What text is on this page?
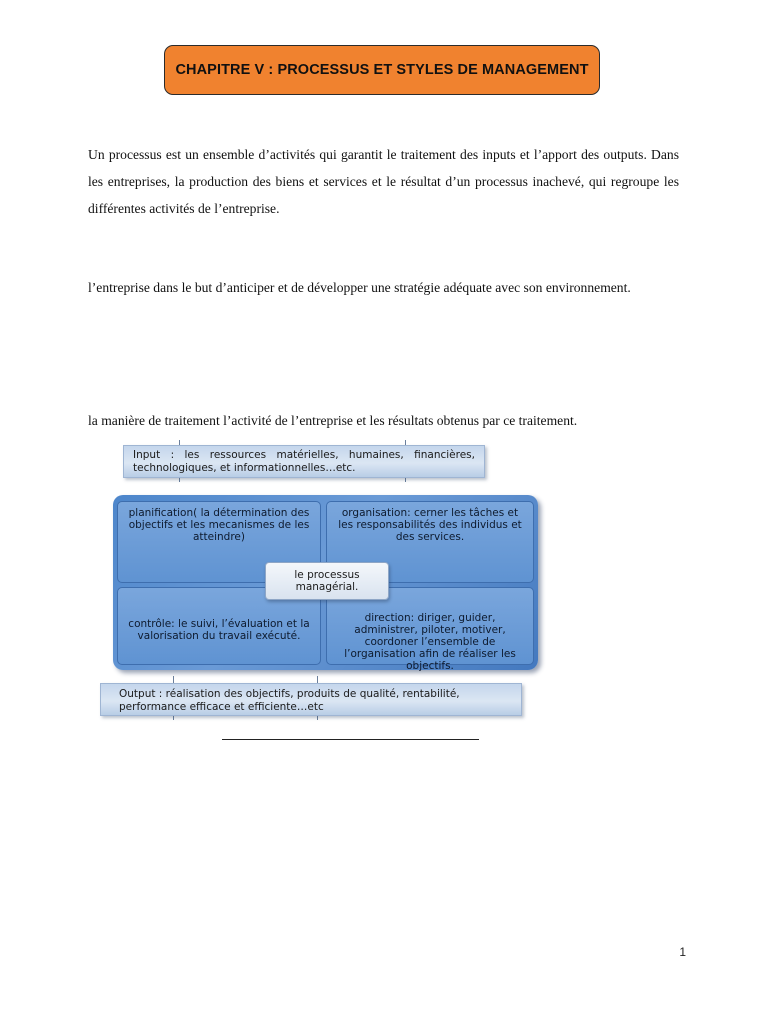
CHAPITRE V : PROCESSUS ET STYLES DE MANAGEMENT

Un processus est un ensemble d’activités qui garantit le traitement des inputs et l’apport des outputs. Dans les entreprises, la production des biens et services et le résultat d’un processus inachevé, qui regroupe les différentes activités de l’entreprise.

l’entreprise dans le but d’anticiper et de développer une stratégie adéquate avec son environnement.

la manière de traitement l’activité de l’entreprise et les résultats obtenus par ce traitement.

Input : les ressources matérielles, humaines, financières, technologiques, et informationnelles…etc.
planification( la détermination des objectifs et les mecanismes de les atteindre)
organisation: cerner les tâches et les responsabilités des individus et des services.
contrôle: le suivi, l’évaluation et la valorisation du travail exécuté.
direction: diriger, guider, administrer, piloter, motiver, coordoner l’ensemble de l’organisation afin de réaliser les objectifs.
le processus managérial.
Output : réalisation des objectifs, produits de qualité, rentabilité, performance efficace et efficiente…etc
1
